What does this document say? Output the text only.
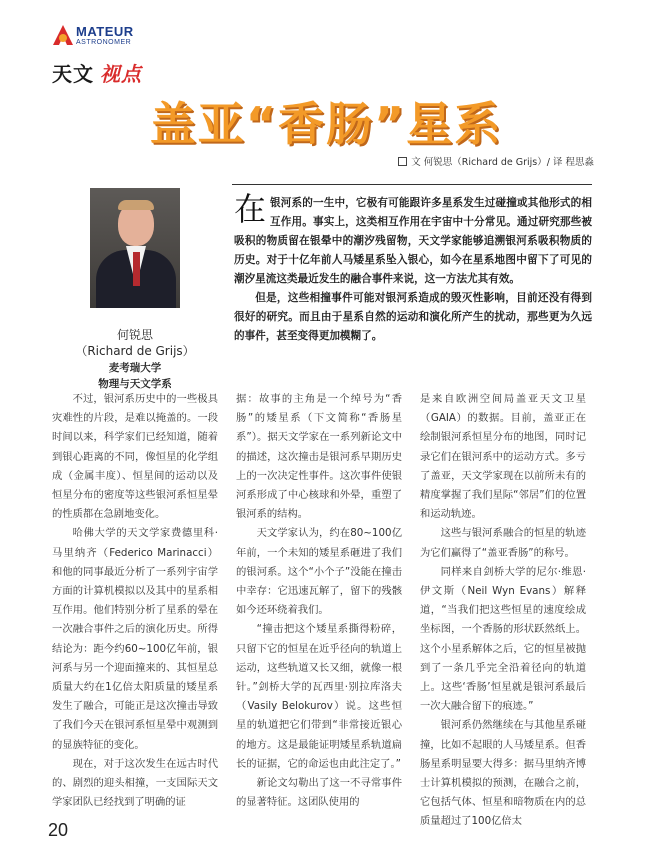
MATEUR
ASTRONOMER
天文 视点
盖亚“香肠”星系
文 何锐思（Richard de Grijs）/ 译 程思淼
何锐思
（Richard de Grijs）
麦考瑞大学
物理与天文学系

在银河系的一生中，它极有可能跟许多星系发生过碰撞或其他形式的相互作用。事实上，这类相互作用在宇宙中十分常见。通过研究那些被吸积的物质留在银晕中的潮汐残留物，天文学家能够追溯银河系吸积物质的历史。对于十亿年前人马矮星系坠入银心，如今在星系地图中留下了可见的潮汐星流这类最近发生的融合事件来说，这一方法尤其有效。

但是，这些相撞事件可能对银河系造成的毁灭性影响，目前还没有得到很好的研究。而且由于星系自然的运动和演化所产生的扰动，那些更为久远的事件，甚至变得更加模糊了。

不过，银河系历史中的一些极具灾难性的片段，是难以掩盖的。一段时间以来，科学家们已经知道，随着到银心距离的不同，像恒星的化学组成（金属丰度）、恒星间的运动以及恒星分布的密度等这些银河系恒星晕的性质都在急剧地变化。

哈佛大学的天文学家费德里科·马里纳齐（Federico Marinacci）和他的同事最近分析了一系列宇宙学方面的计算机模拟以及其中的星系相互作用。他们特别分析了星系的晕在一次融合事件之后的演化历史。所得结论为：距今约60~100亿年前，银河系与另一个迎面撞来的、其恒星总质量大约在1亿倍太阳质量的矮星系发生了融合，可能正是这次撞击导致了我们今天在银河系恒星晕中观测到的显族特征的变化。

现在，对于这次发生在远古时代的、剧烈的迎头相撞，一支国际天文学家团队已经找到了明确的证

据：故事的主角是一个绰号为“香肠”的矮星系（下文简称“香肠星系”）。据天文学家在一系列新论文中的描述，这次撞击是银河系早期历史上的一次决定性事件。这次事件使银河系形成了中心核球和外晕，重塑了银河系的结构。

天文学家认为，约在80~100亿年前，一个未知的矮星系砸进了我们的银河系。这个“小个子”没能在撞击中幸存：它迅速瓦解了，留下的残骸如今还环绕着我们。

“撞击把这个矮星系撕得粉碎，只留下它的恒星在近乎径向的轨道上运动，这些轨道又长又细，就像一根针。”剑桥大学的瓦西里·别拉库洛夫（Vasily Belokurov）说。这些恒星的轨道把它们带到“非常接近银心的地方。这是最能证明矮星系轨道扁长的证据，它的命运也由此注定了。”

新论文勾勒出了这一不寻常事件的显著特征。这团队使用的

是来自欧洲空间局盖亚天文卫星（GAIA）的数据。目前，盖亚正在绘制银河系恒星分布的地图，同时记录它们在银河系中的运动方式。多亏了盖亚，天文学家现在以前所未有的精度掌握了我们星际“邻居”们的位置和运动轨迹。

这些与银河系融合的恒星的轨迹为它们赢得了“盖亚香肠”的称号。

同样来自剑桥大学的尼尔·维恩·伊文斯（Neil Wyn Evans）解释道，“当我们把这些恒星的速度绘成坐标图，一个香肠的形状跃然纸上。这个小星系解体之后，它的恒星被抛到了一条几乎完全沿着径向的轨道上。这些‘香肠’恒星就是银河系最后一次大融合留下的痕迹。”

银河系仍然继续在与其他星系碰撞，比如不起眼的人马矮星系。但香肠星系明显要大得多：据马里纳齐博士计算机模拟的预测，在融合之前，它包括气体、恒星和暗物质在内的总质量超过了100亿倍太

20
